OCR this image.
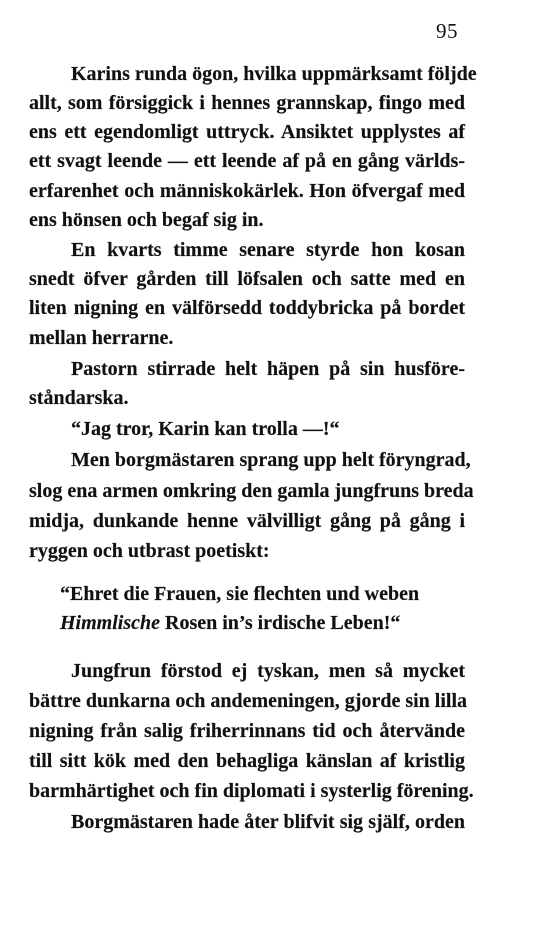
95
Karins runda ögon, hvilka uppmärksamt följde
allt, som försiggick i hennes grannskap, fingo med
ens ett egendomligt uttryck. Ansiktet upplystes af
ett svagt leende — ett leende af på en gång världs-
erfarenhet och människokärlek. Hon öfvergaf med
ens hönsen och begaf sig in.
En kvarts timme senare styrde hon kosan
snedt öfver gården till löfsalen och satte med en
liten nigning en välförsedd toddybricka på bordet
mellan herrarne.
Pastorn stirrade helt häpen på sin husföre-
ståndarska.
“Jag tror, Karin kan trolla —!“
Men borgmästaren sprang upp helt föryngrad,
slog ena armen omkring den gamla jungfruns breda
midja, dunkande henne välvilligt gång på gång i
ryggen och utbrast poetiskt:
“Ehret die Frauen, sie flechten und weben
Himmlische Rosen in’s irdische Leben!“
Jungfrun förstod ej tyskan, men så mycket
bättre dunkarna och andemeningen, gjorde sin lilla
nigning från salig friherrinnans tid och återvände
till sitt kök med den behagliga känslan af kristlig
barmhärtighet och fin diplomati i systerlig förening.
Borgmästaren hade åter blifvit sig själf, orden
